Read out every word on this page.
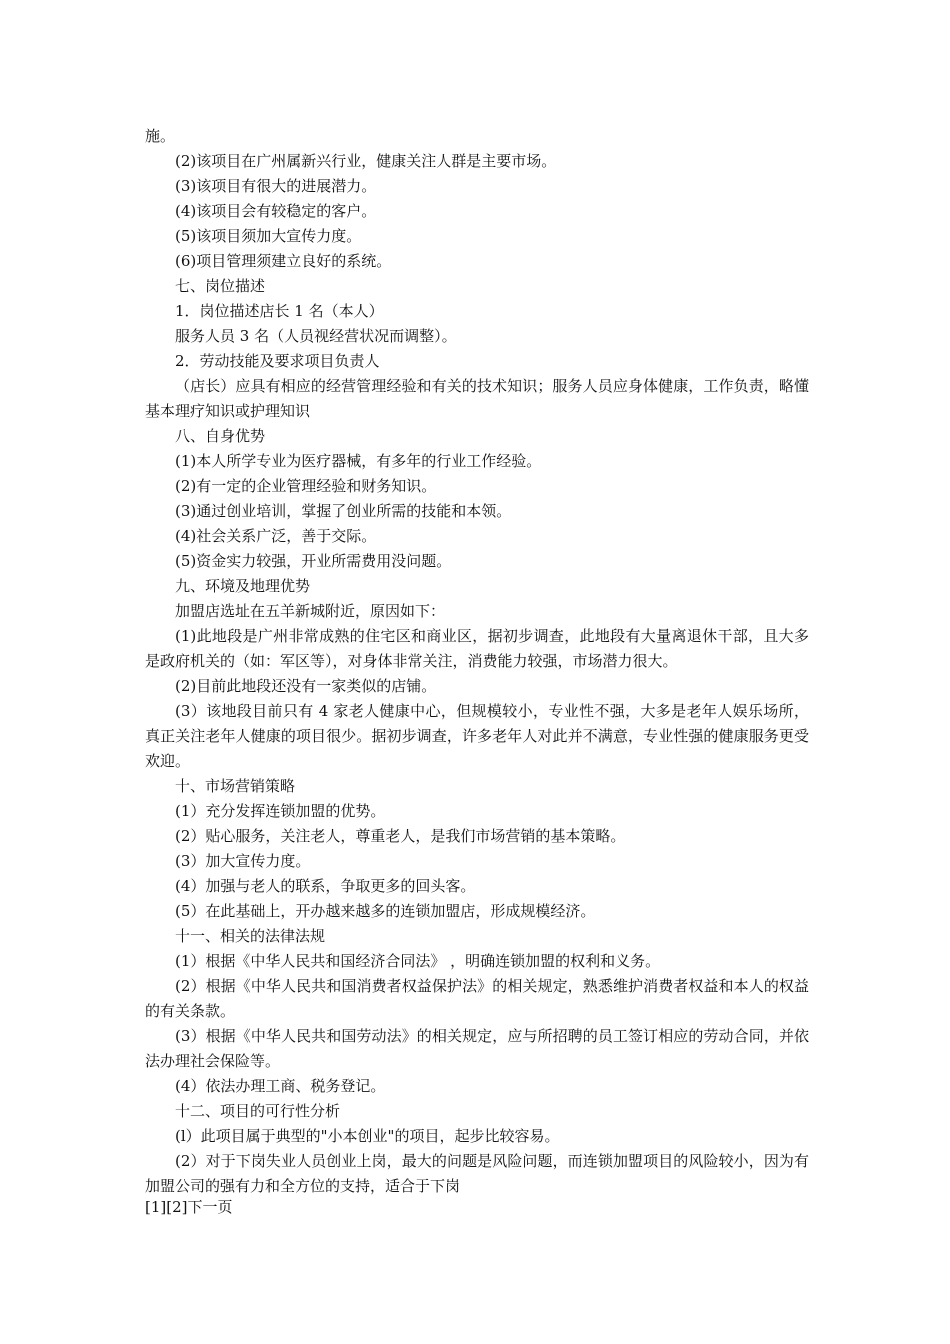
施。

(2)该项目在广州属新兴行业，健康关注人群是主要市场。

(3)该项目有很大的进展潜力。

(4)该项目会有较稳定的客户。

(5)该项目须加大宣传力度。

(6)项目管理须建立良好的系统。

七、岗位描述

1．岗位描述店长 1 名（本人）

服务人员 3 名（人员视经营状况而调整）。

2．劳动技能及要求项目负责人

（店长）应具有相应的经营管理经验和有关的技术知识；服务人员应身体健康，工作负责，略懂基本理疗知识或护理知识

八、自身优势

(1)本人所学专业为医疗器械，有多年的行业工作经验。

(2)有一定的企业管理经验和财务知识。

(3)通过创业培训，掌握了创业所需的技能和本领。

(4)社会关系广泛，善于交际。

(5)资金实力较强，开业所需费用没问题。

九、环境及地理优势

加盟店选址在五羊新城附近，原因如下：

(1)此地段是广州非常成熟的住宅区和商业区，据初步调查，此地段有大量离退休干部，且大多是政府机关的（如：军区等），对身体非常关注，消费能力较强，市场潜力很大。

(2)目前此地段还没有一家类似的店铺。

(3）该地段目前只有 4 家老人健康中心，但规模较小，专业性不强，大多是老年人娱乐场所，真正关注老年人健康的项目很少。据初步调查，许多老年人对此并不满意，专业性强的健康服务更受欢迎。

十、市场营销策略

(1）充分发挥连锁加盟的优势。

(2）贴心服务，关注老人，尊重老人，是我们市场营销的基本策略。

(3）加大宣传力度。

(4）加强与老人的联系，争取更多的回头客。

(5）在此基础上，开办越来越多的连锁加盟店，形成规模经济。

十一、相关的法律法规

(1）根据《中华人民共和国经济合同法》 ，明确连锁加盟的权利和义务。

(2）根据《中华人民共和国消费者权益保护法》的相关规定，熟悉维护消费者权益和本人的权益的有关条款。

(3）根据《中华人民共和国劳动法》的相关规定，应与所招聘的员工签订相应的劳动合同，并依法办理社会保险等。

(4）依法办理工商、税务登记。

十二、项目的可行性分析

(l）此项目属于典型的"小本创业"的项目，起步比较容易。

(2）对于下岗失业人员创业上岗，最大的问题是风险问题，而连锁加盟项目的风险较小，因为有加盟公司的强有力和全方位的支持，适合于下岗

[1][2]下一页
